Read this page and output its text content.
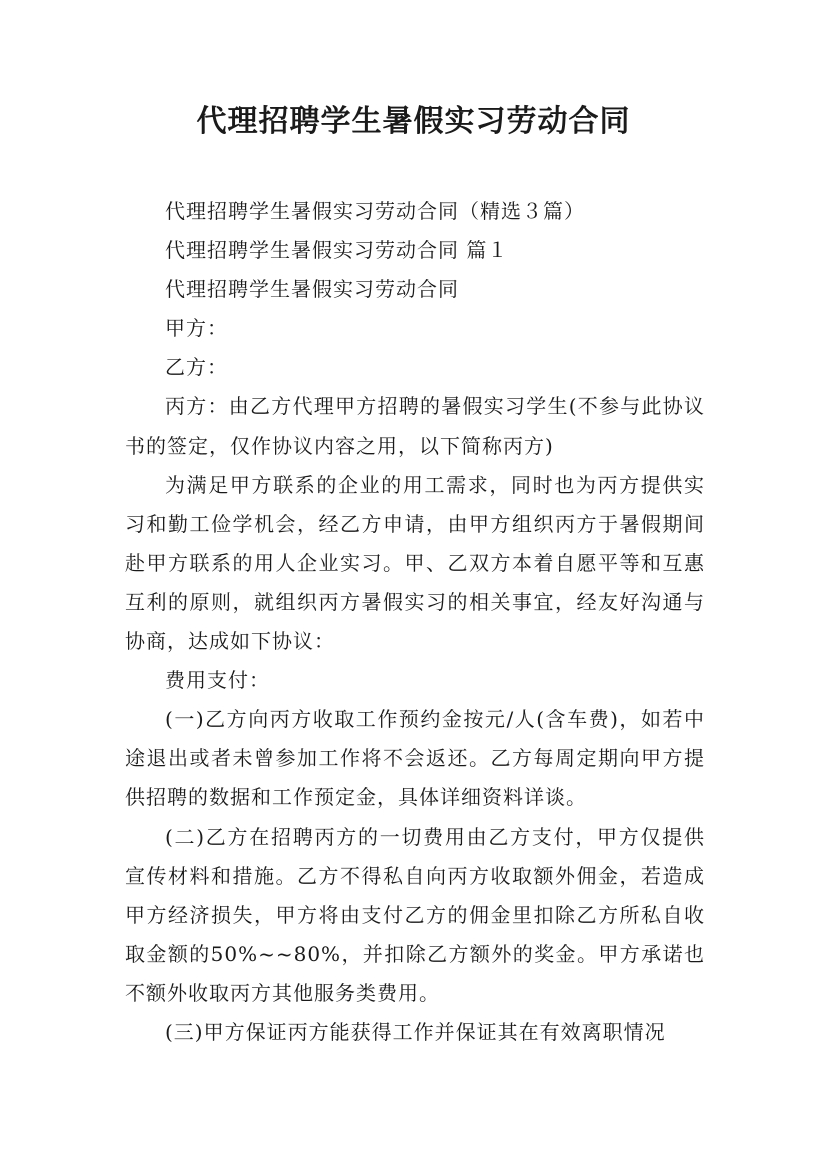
代理招聘学生暑假实习劳动合同

代理招聘学生暑假实习劳动合同（精选３篇）

代理招聘学生暑假实习劳动合同 篇１

代理招聘学生暑假实习劳动合同

甲方：

乙方：

丙方：由乙方代理甲方招聘的暑假实习学生(不参与此协议书的签定，仅作协议内容之用，以下简称丙方)

为满足甲方联系的企业的用工需求，同时也为丙方提供实习和勤工俭学机会，经乙方申请，由甲方组织丙方于暑假期间赴甲方联系的用人企业实习。甲、乙双方本着自愿平等和互惠互利的原则，就组织丙方暑假实习的相关事宜，经友好沟通与协商，达成如下协议：

费用支付：

(一)乙方向丙方收取工作预约金按元/人(含车费)，如若中途退出或者未曾参加工作将不会返还。乙方每周定期向甲方提供招聘的数据和工作预定金，具体详细资料详谈。

(二)乙方在招聘丙方的一切费用由乙方支付，甲方仅提供宣传材料和措施。乙方不得私自向丙方收取额外佣金，若造成甲方经济损失，甲方将由支付乙方的佣金里扣除乙方所私自收取金额的50%~~80%，并扣除乙方额外的奖金。甲方承诺也不额外收取丙方其他服务类费用。

(三)甲方保证丙方能获得工作并保证其在有效离职情况
